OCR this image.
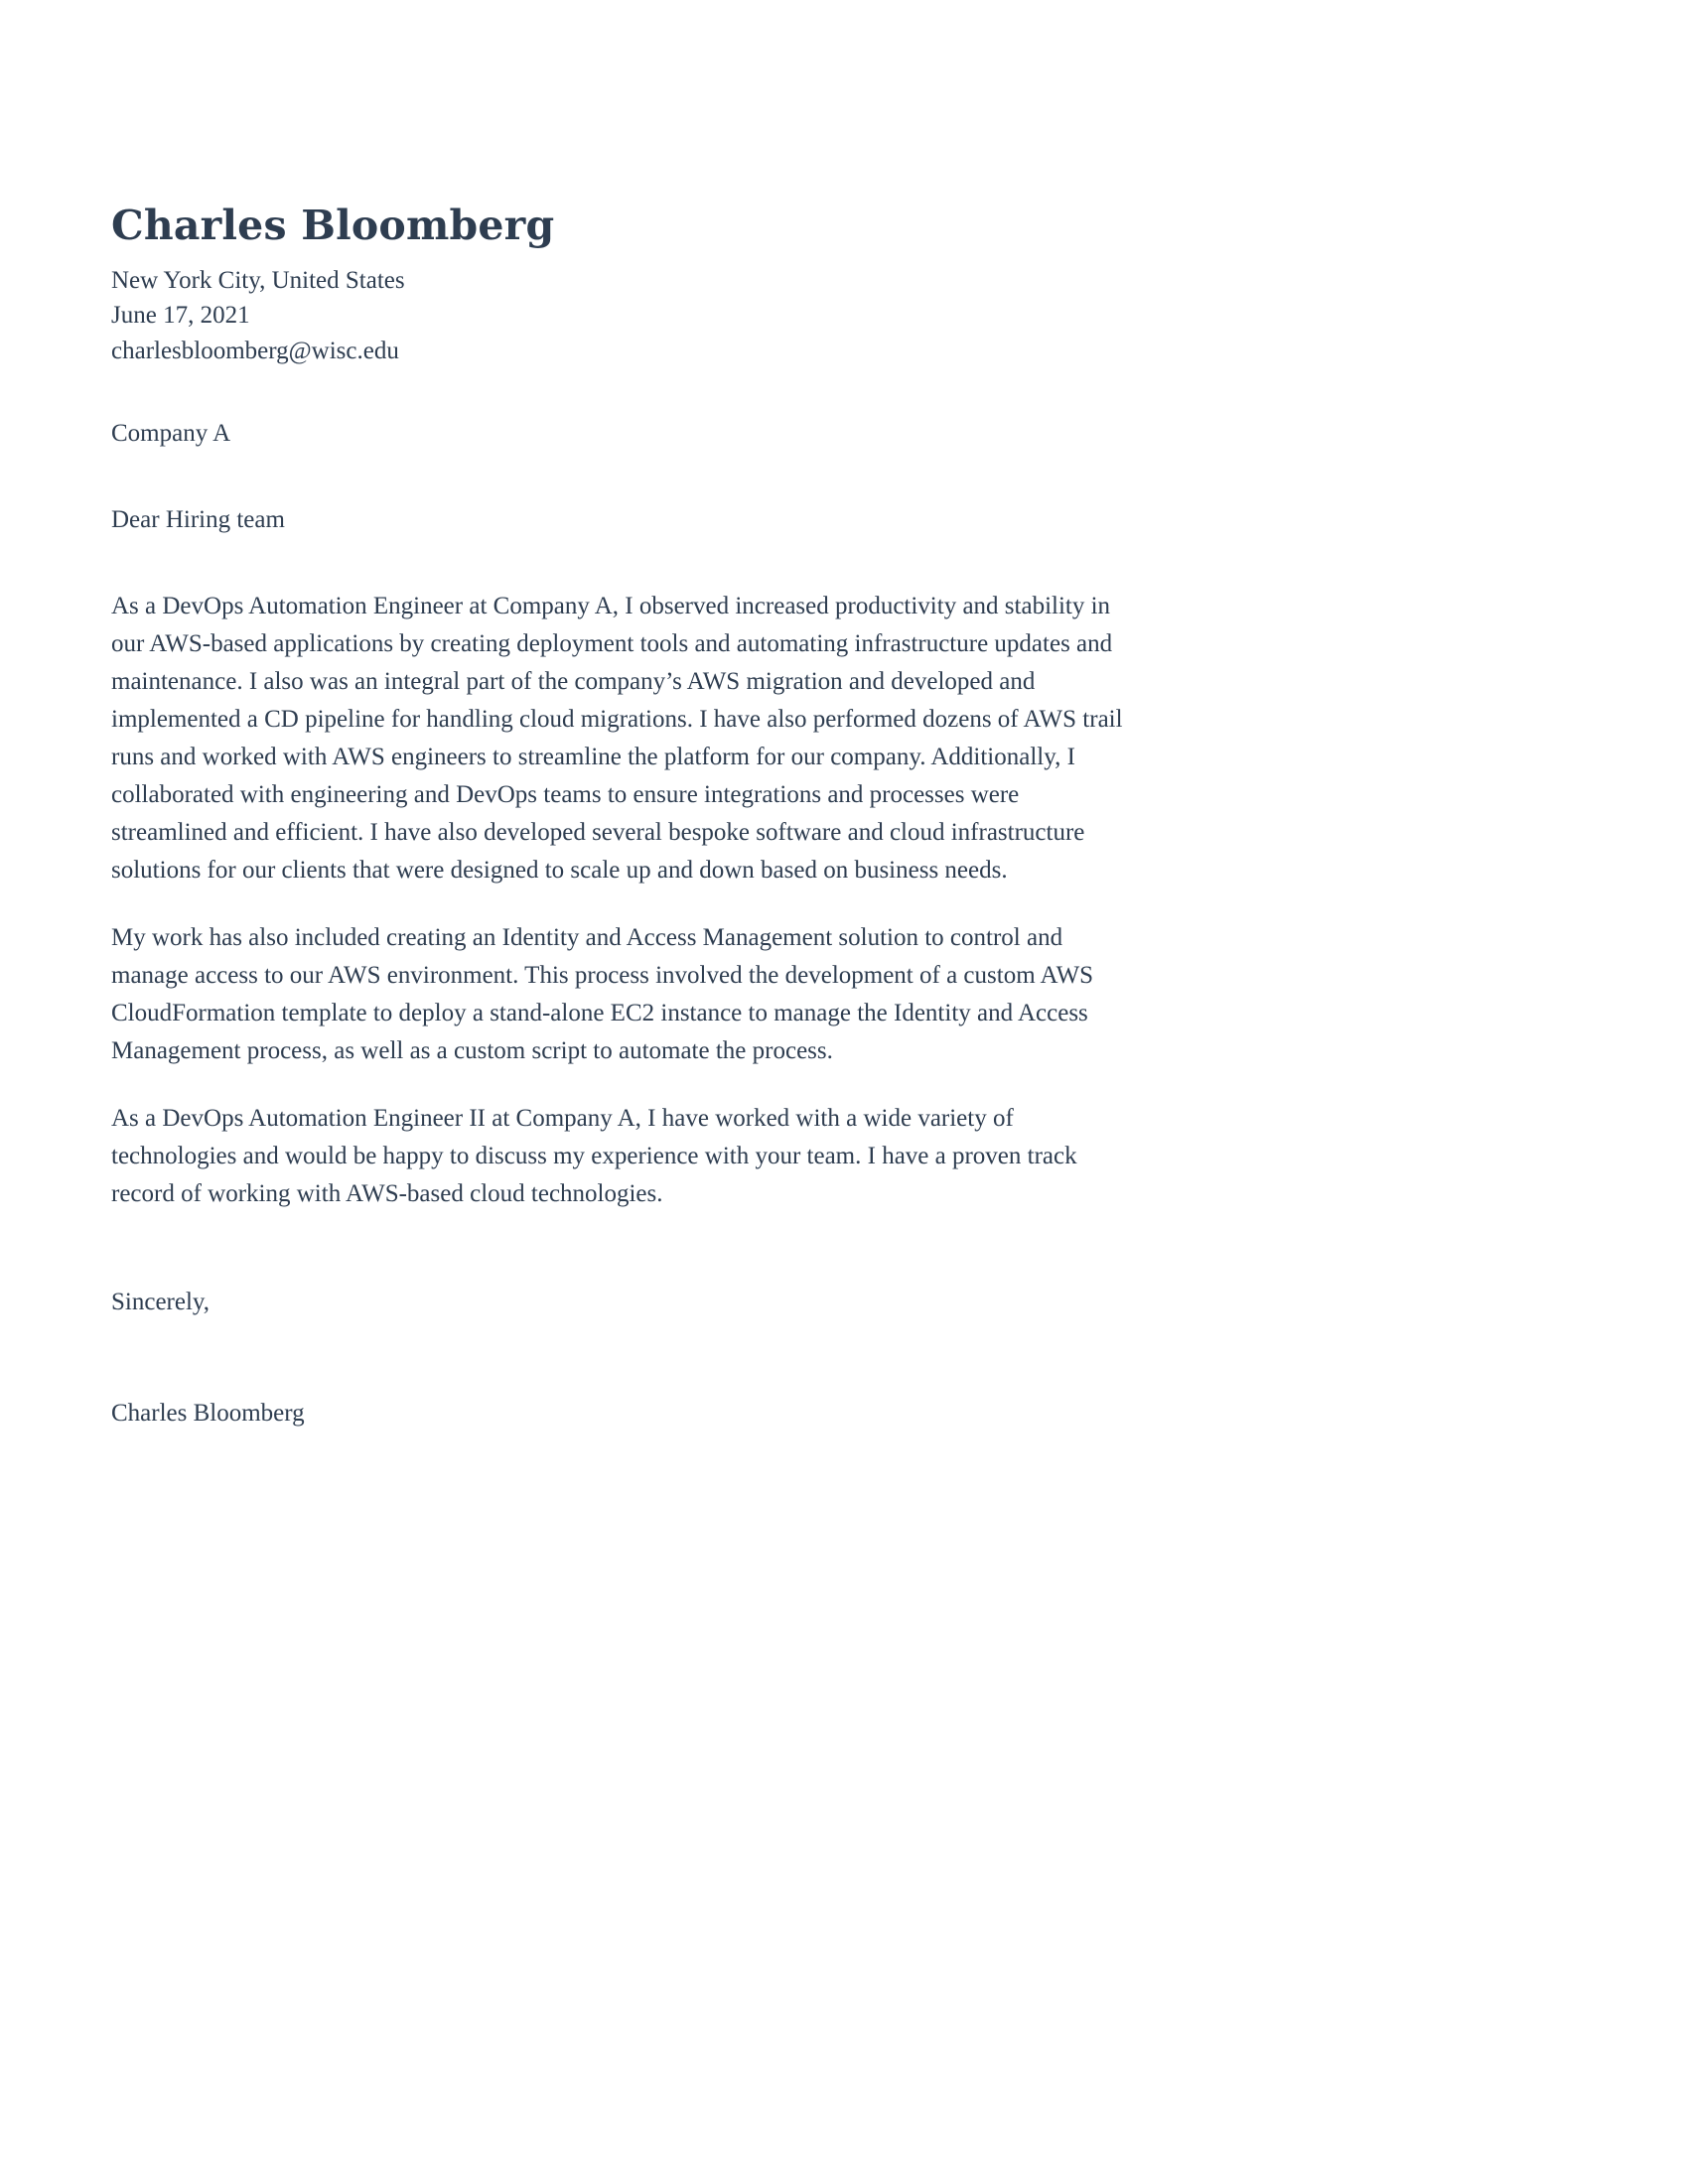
Charles Bloomberg
New York City, United States
June 17, 2021
charlesbloomberg@wisc.edu

Company A

Dear Hiring team

As a DevOps Automation Engineer at Company A, I observed increased productivity and stability in our AWS-based applications by creating deployment tools and automating infrastructure updates and maintenance. I also was an integral part of the company’s AWS migration and developed and implemented a CD pipeline for handling cloud migrations. I have also performed dozens of AWS trail runs and worked with AWS engineers to streamline the platform for our company. Additionally, I collaborated with engineering and DevOps teams to ensure integrations and processes were streamlined and efficient. I have also developed several bespoke software and cloud infrastructure solutions for our clients that were designed to scale up and down based on business needs.

My work has also included creating an Identity and Access Management solution to control and manage access to our AWS environment. This process involved the development of a custom AWS CloudFormation template to deploy a stand-alone EC2 instance to manage the Identity and Access Management process, as well as a custom script to automate the process.

As a DevOps Automation Engineer II at Company A, I have worked with a wide variety of technologies and would be happy to discuss my experience with your team. I have a proven track record of working with AWS-based cloud technologies.

Sincerely,

Charles Bloomberg
